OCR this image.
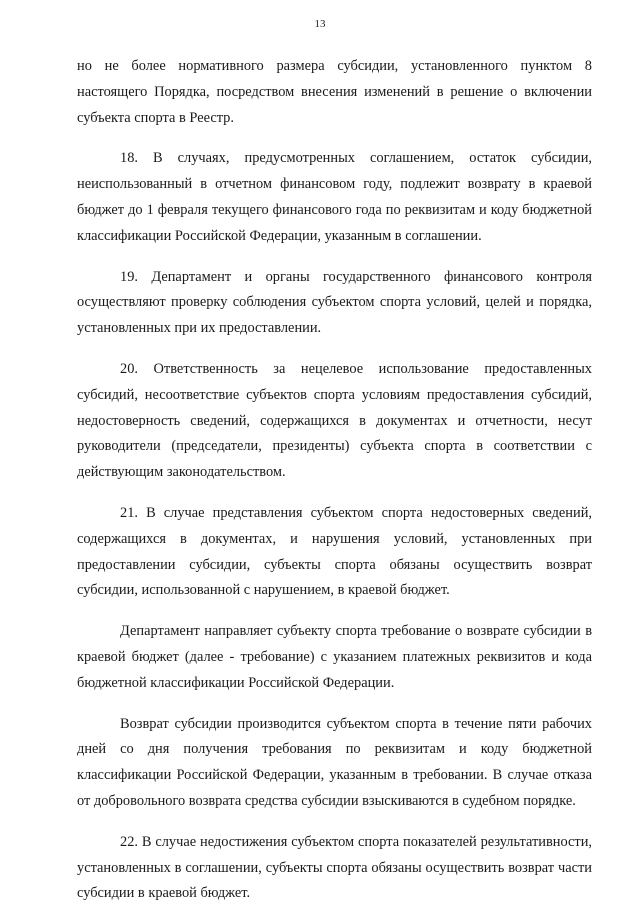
13

но не более нормативного размера субсидии, установленного пунктом 8 настоящего Порядка, посредством внесения изменений в решение о включении субъекта спорта в Реестр.

18. В случаях, предусмотренных соглашением, остаток субсидии, неиспользованный в отчетном финансовом году, подлежит возврату в краевой бюджет до 1 февраля текущего финансового года по реквизитам и коду бюджетной классификации Российской Федерации, указанным в соглашении.

19. Департамент и органы государственного финансового контроля осуществляют проверку соблюдения субъектом спорта условий, целей и порядка, установленных при их предоставлении.

20. Ответственность за нецелевое использование предоставленных субсидий, несоответствие субъектов спорта условиям предоставления субсидий, недостоверность сведений, содержащихся в документах и отчетности, несут руководители (председатели, президенты) субъекта спорта в соответствии с действующим законодательством.

21. В случае представления субъектом спорта недостоверных сведений, содержащихся в документах, и нарушения условий, установленных при предоставлении субсидии, субъекты спорта обязаны осуществить возврат субсидии, использованной с нарушением, в краевой бюджет.

Департамент направляет субъекту спорта требование о возврате субсидии в краевой бюджет (далее - требование) с указанием платежных реквизитов и кода бюджетной классификации Российской Федерации.

Возврат субсидии производится субъектом спорта в течение пяти рабочих дней со дня получения требования по реквизитам и коду бюджетной классификации Российской Федерации, указанным в требовании. В случае отказа от добровольного возврата средства субсидии взыскиваются в судебном порядке.

22. В случае недостижения субъектом спорта показателей результативности, установленных в соглашении, субъекты спорта обязаны осуществить возврат части субсидии в краевой бюджет.
